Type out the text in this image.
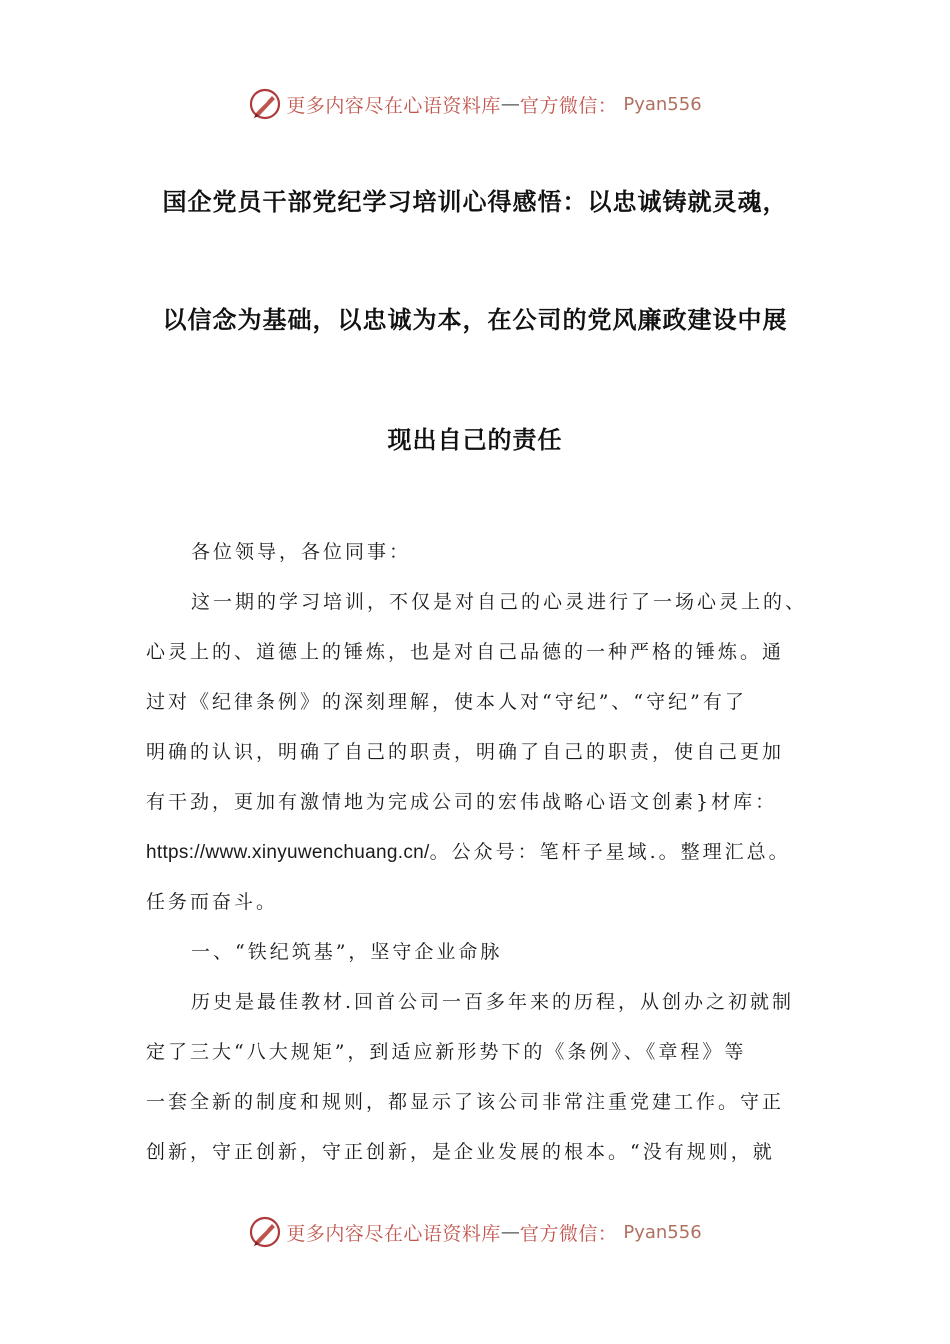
更多内容尽在心语资料库 — 官方微信： Pyan556
国企党员干部党纪学习培训心得感悟：以忠诚铸就灵魂，
以信念为基础，以忠诚为本，在公司的党风廉政建设中展
现出自己的责任
各位领导，各位同事：
这一期的学习培训，不仅是对自己的心灵进行了一场心灵上的、
心灵上的、道德上的锤炼，也是对自己品德的一种严格的锤炼。通
过对《纪律条例》的深刻理解，使本人对“守纪”、“守纪”有了
明确的认识，明确了自己的职责，明确了自己的职责，使自己更加
有干劲，更加有激情地为完成公司的宏伟战略心语文创素}材库：
https://www.xinyuwenchuang.cn/。公众号：笔杆子星域.。整理汇总。
任务而奋斗。
一、“铁纪筑基”，坚守企业命脉
历史是最佳教材.回首公司一百多年来的历程，从创办之初就制
定了三大“八大规矩”，到适应新形势下的《条例》、《章程》等
一套全新的制度和规则，都显示了该公司非常注重党建工作。守正
创新，守正创新，守正创新，是企业发展的根本。“没有规则，就
更多内容尽在心语资料库 — 官方微信： Pyan556
